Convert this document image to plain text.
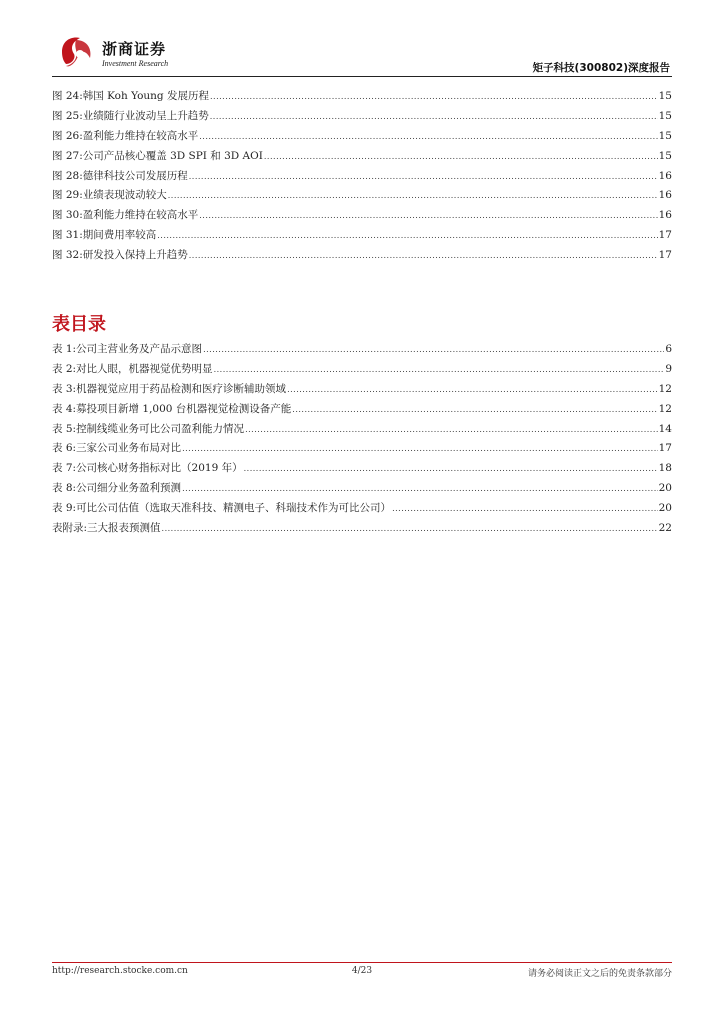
浙商证券
Investment Research	矩子科技(300802)深度报告
图 24: 韩国 Koh Young 发展历程 .....	15
图 25: 业绩随行业波动呈上升趋势 .....	15
图 26: 盈利能力维持在较高水平 .....	15
图 27: 公司产品核心覆盖 3D SPI 和 3D AOI .....	15
图 28: 德律科技公司发展历程 .....	16
图 29: 业绩表现波动较大 .....	16
图 30: 盈利能力维持在较高水平 .....	16
图 31: 期间费用率较高 .....	17
图 32: 研发投入保持上升趋势 .....	17
表目录
表 1: 公司主营业务及产品示意图 .....	6
表 2: 对比人眼，机器视觉优势明显 .....	9
表 3: 机器视觉应用于药品检测和医疗诊断辅助领域 .....	12
表 4: 募投项目新增 1,000 台机器视觉检测设备产能 .....	12
表 5: 控制线缆业务可比公司盈利能力情况 .....	14
表 6: 三家公司业务布局对比 .....	17
表 7: 公司核心财务指标对比（2019 年） .....	18
表 8: 公司细分业务盈利预测 .....	20
表 9: 可比公司估值（选取天准科技、精测电子、科瑞技术作为可比公司） .....	20
表附录: 三大报表预测值 .....	22
http://research.stocke.com.cn	4/23	请务必阅读正文之后的免责条款部分
